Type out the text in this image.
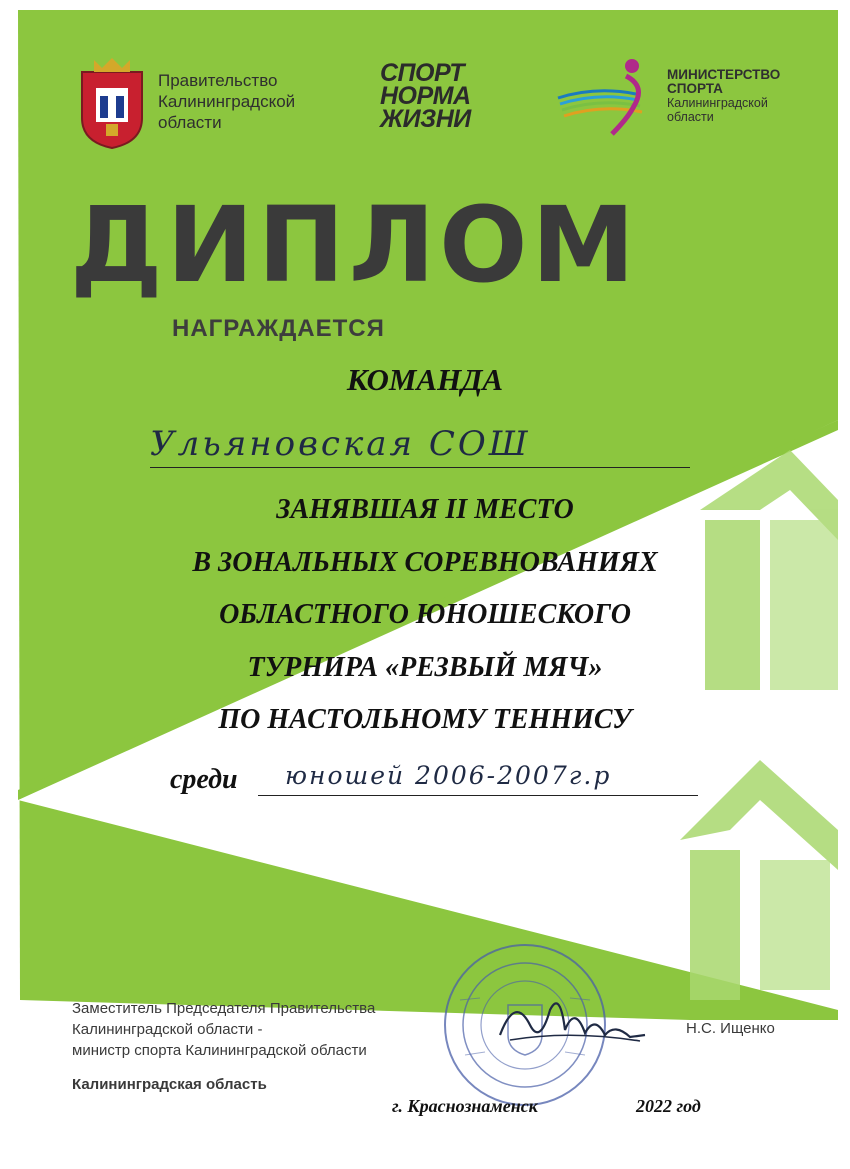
Правительство
Калининградской
области
СПОРТ
НОРМА
ЖИЗНИ
МИНИСТЕРСТВО
СПОРТА
Калининградской
области
ДИПЛОМ
НАГРАЖДАЕТСЯ
КОМАНДА
Ульяновская СОШ
ЗАНЯВШАЯ II МЕСТО
В ЗОНАЛЬНЫХ СОРЕВНОВАНИЯХ
ОБЛАСТНОГО ЮНОШЕСКОГО
ТУРНИРА «РЕЗВЫЙ МЯЧ»
ПО НАСТОЛЬНОМУ ТЕННИСУ
среди юношей 2006-2007г.р
Заместитель Председателя Правительства
Калининградской области -
министр спорта Калининградской области
Н.С. Ищенко
Калининградская область
г. Краснознаменск	2022 год
